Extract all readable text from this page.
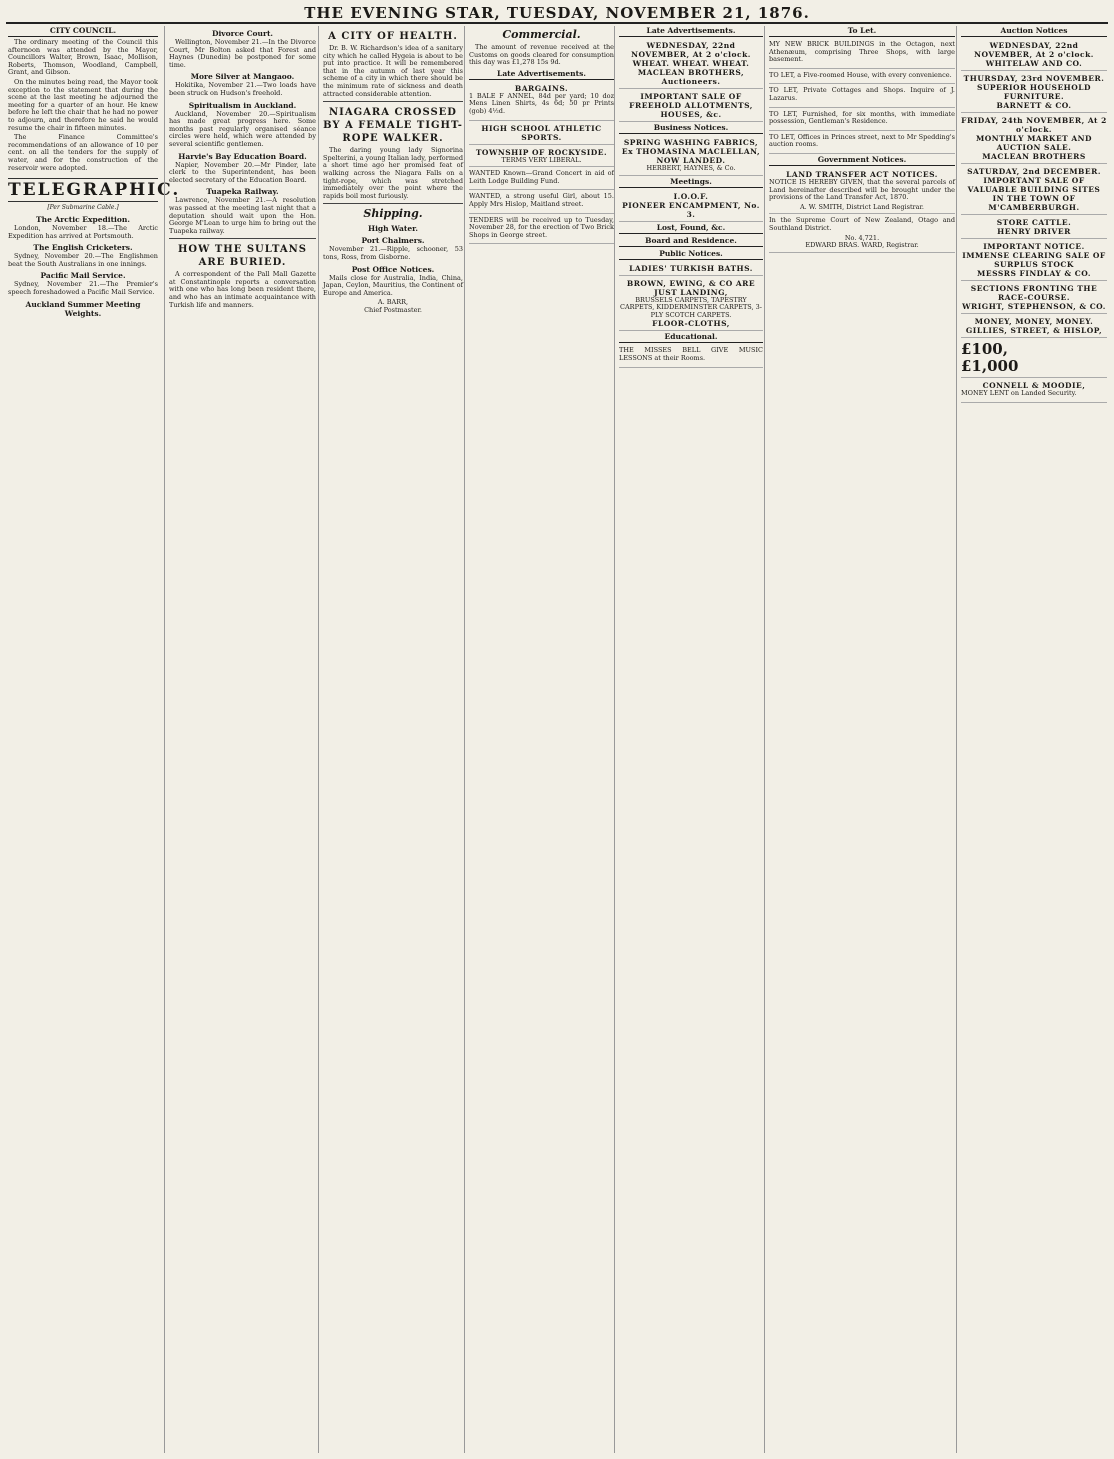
THE EVENING STAR, TUESDAY, NOVEMBER 21, 1876.
CITY COUNCIL.

The ordinary meeting of the Council this afternoon was attended by the Mayor, Councillors Walter, Brown, Isaac, Mollison, Roberts, Thomson, Woodland, Campbell, Grant, and Gibson.

On the minutes being read, the Mayor took exception to the statement that during the scene at the last meeting he adjourned the meeting for a quarter of an hour. He knew before he left the chair that he had no power to adjourn, and therefore he said he would resume the chair in fifteen minutes.

The Finance Committee's recommendations of an allowance of 10 per cent. on all the tenders for the supply of water, and for the construction of the reservoir were adopted.

TELEGRAPHIC.
[Per Submarine Cable.]
The Arctic Expedition.

London, November 18.—The Arctic Expedition has arrived at Portsmouth.

The English Cricketers.

Sydney, November 20.—The Englishmen beat the South Australians in one innings.

Pacific Mail Service.

Sydney, November 21.—The Premier's speech foreshadowed a Pacific Mail Service.

Auckland Summer Meeting Weights.
Divorce Court.

Wellington, November 21.—In the Divorce Court, Mr Bolton asked that Forest and Haynes (Dunedin) be postponed for some time.

More Silver at Mangaoo.

Hokitika, November 21.—Two loads have been struck on Hudson's freehold.

Spiritualism in Auckland.

Auckland, November 20.—Spiritualism has made great progress here. Some months past regularly organised séance circles were held, which were attended by several scientific gentlemen.

Harvie's Bay Education Board.

Napier, November 20.—Mr Pinder, late clerk to the Superintendent, has been elected secretary of the Education Board.

Tuapeka Railway.

Lawrence, November 21.—A resolution was passed at the meeting last night that a deputation should wait upon the Hon. George M'Lean to urge him to bring out the Tuapeka railway.

HOW THE SULTANS ARE BURIED.

A correspondent of the Pall Mall Gazette at Constantinople reports a conversation with one who has long been resident there, and who has an intimate acquaintance with Turkish life and manners.

A CITY OF HEALTH.

Dr. B. W. Richardson's idea of a sanitary city which he called Hygeia is about to be put into practice. It will be remembered that in the autumn of last year this scheme of a city in which there should be the minimum rate of sickness and death attracted considerable attention.

NIAGARA CROSSED BY A FEMALE TIGHT-ROPE WALKER.

The daring young lady Signorina Spelterini, a young Italian lady, performed a short time ago her promised feat of walking across the Niagara Falls on a tight-rope, which was stretched immediately over the point where the rapids boil most furiously.

Shipping.
High Water.
Port Chalmers.

November 21.—Ripple, schooner, 53 tons, Ross, from Gisborne.

Post Office Notices.

Mails close for Australia, India, China, Japan, Ceylon, Mauritius, the Continent of Europe and America.

A. BARR,
Chief Postmaster.
Commercial.

The amount of revenue received at the Customs on goods cleared for consumption this day was £1,278 15s 9d.

Late Advertisements.
BARGAINS.

1 BALE F ANNEL, 84d per yard; 10 doz Mens Linen Shirts, 4s 6d; 50 pr Prints (gob) 4½d.

HIGH SCHOOL ATHLETIC SPORTS.
TOWNSHIP OF ROCKYSIDE.
TERMS VERY LIBERAL.

WANTED Known—Grand Concert in aid of Leith Lodge Building Fund.

WANTED, a strong useful Girl, about 15. Apply Mrs Hislop, Maitland street.

TENDERS will be received up to Tuesday, November 28, for the erection of Two Brick Shops in George street.

Late Advertisements.
WEDNESDAY, 22nd NOVEMBER, At 2 o'clock.
WHEAT. WHEAT. WHEAT.
MACLEAN BROTHERS, Auctioneers.
IMPORTANT SALE OF FREEHOLD ALLOTMENTS, HOUSES, &c.
Business Notices.
SPRING WASHING FABRICS, Ex THOMASINA MACLELLAN, NOW LANDED.
HERBERT, HAYNES, & Co.
Meetings.
I.O.O.F.
PIONEER ENCAMPMENT, No. 3.
Lost, Found, &c.
Board and Residence.
Public Notices.
LADIES' TURKISH BATHS.
BROWN, EWING, & CO ARE JUST LANDING,
BRUSSELS CARPETS, TAPESTRY CARPETS, KIDDERMINSTER CARPETS, 3-PLY SCOTCH CARPETS.
FLOOR-CLOTHS,
Educational.

THE MISSES BELL GIVE MUSIC LESSONS at their Rooms.

To Let.

MY NEW BRICK BUILDINGS in the Octagon, next Athenæum, comprising Three Shops, with large basement.

TO LET, a Five-roomed House, with every convenience.

TO LET, Private Cottages and Shops. Inquire of J. Lazarus.

TO LET, Furnished, for six months, with immediate possession, Gentleman's Residence.

TO LET, Offices in Princes street, next to Mr Spedding's auction rooms.

Government Notices.
LAND TRANSFER ACT NOTICES.

NOTICE IS HEREBY GIVEN, that the several parcels of Land hereinafter described will be brought under the provisions of the Land Transfer Act, 1870.

A. W. SMITH, District Land Registrar.

In the Supreme Court of New Zealand, Otago and Southland District.

No. 4,721.
EDWARD BRAS. WARD, Registrar.
Auction Notices
WEDNESDAY, 22nd NOVEMBER, At 2 o'clock.
WHITELAW AND CO.
THURSDAY, 23rd NOVEMBER.
SUPERIOR HOUSEHOLD FURNITURE.
BARNETT & CO.
FRIDAY, 24th NOVEMBER, At 2 o'clock.
MONTHLY MARKET AND AUCTION SALE.
MACLEAN BROTHERS
SATURDAY, 2nd DECEMBER.
IMPORTANT SALE OF VALUABLE BUILDING SITES IN THE TOWN OF M'CAMBERBURGH.
STORE CATTLE.
HENRY DRIVER
IMPORTANT NOTICE.
IMMENSE CLEARING SALE OF SURPLUS STOCK
MESSRS FINDLAY & CO.
SECTIONS FRONTING THE RACE-COURSE.
WRIGHT, STEPHENSON, & CO.
MONEY, MONEY, MONEY.
GILLIES, STREET, & HISLOP,
£100,
£1,000
CONNELL & MOODIE,

MONEY LENT on Landed Security.
